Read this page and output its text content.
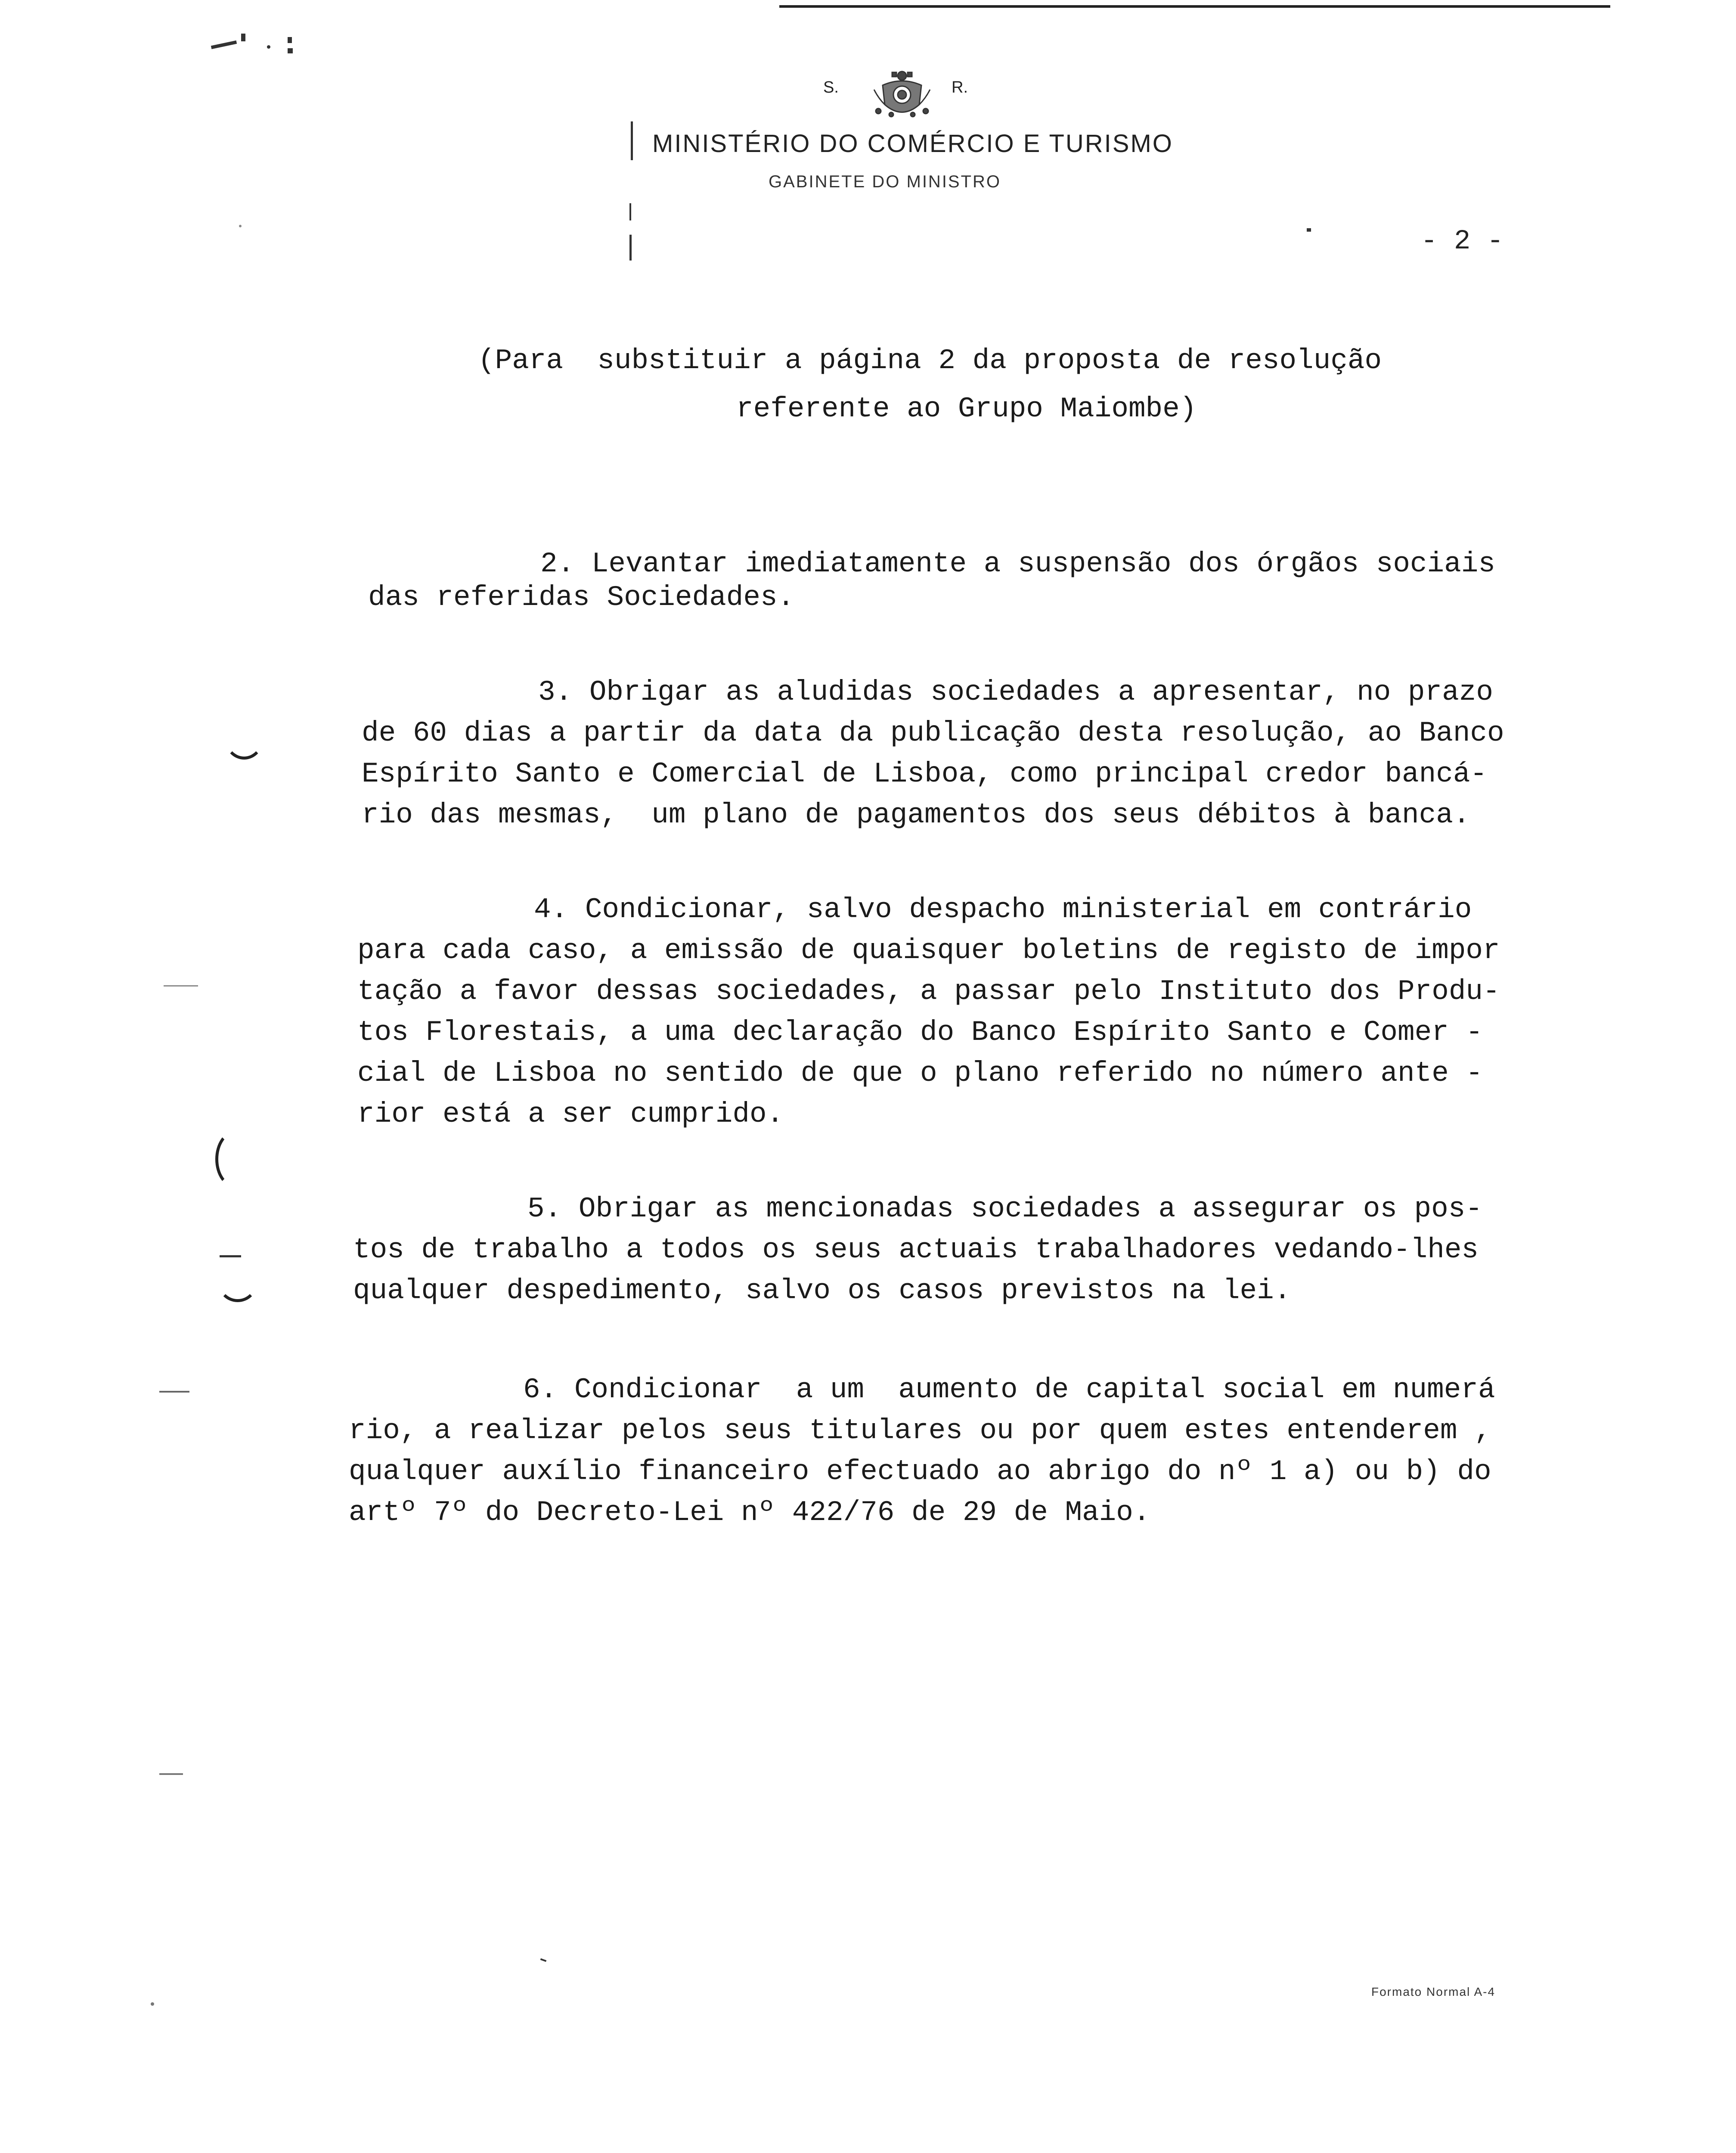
S.	R.
MINISTÉRIO DO COMÉRCIO E TURISMO
GABINETE DO MINISTRO
- 2 -
(Para  substituir a página 2 da proposta de resolução
referente ao Grupo Maiombe)
2. Levantar imediatamente a suspensão dos órgãos sociais
das referidas Sociedades.
3. Obrigar as aludidas sociedades a apresentar, no prazo
de 60 dias a partir da data da publicação desta resolução, ao Banco
Espírito Santo e Comercial de Lisboa, como principal credor bancá-
rio das mesmas,  um plano de pagamentos dos seus débitos à banca.
4. Condicionar, salvo despacho ministerial em contrário
para cada caso, a emissão de quaisquer boletins de registo de impor
tação a favor dessas sociedades, a passar pelo Instituto dos Produ-
tos Florestais, a uma declaração do Banco Espírito Santo e Comer -
cial de Lisboa no sentido de que o plano referido no número ante -
rior está a ser cumprido.
5. Obrigar as mencionadas sociedades a assegurar os pos-
tos de trabalho a todos os seus actuais trabalhadores vedando-lhes
qualquer despedimento, salvo os casos previstos na lei.
6. Condicionar  a um  aumento de capital social em numerá
rio, a realizar pelos seus titulares ou por quem estes entenderem ,
qualquer auxílio financeiro efectuado ao abrigo do nº 1 a) ou b) do
artº 7º do Decreto-Lei nº 422/76 de 29 de Maio.
Formato Normal A-4
